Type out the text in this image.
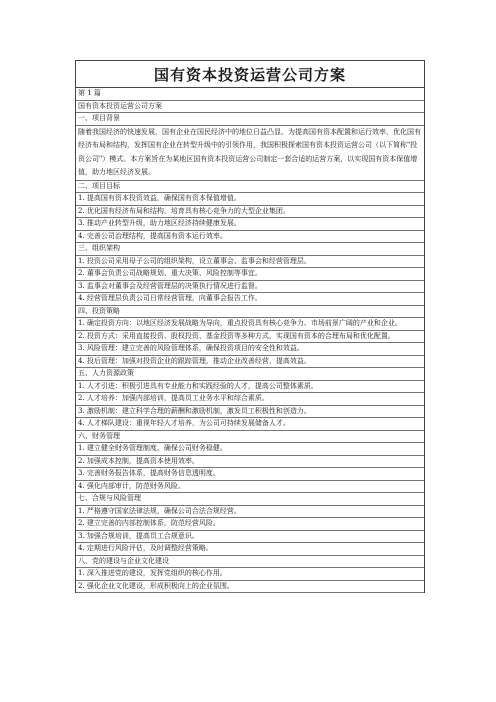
国有资本投资运营公司方案
第 1 篇
国有资本投资运营公司方案
一、项目背景
随着我国经济的快速发展，国有企业在国民经济中的地位日益凸显。为提高国有资本配置和运行效率，优化国有经济布局和结构，发挥国有企业在转型升级中的引领作用，我国积极探索国有资本投资运营公司（以下简称"投资公司"）模式。本方案旨在为某地区国有资本投资运营公司制定一套合适的运营方案，以实现国有资本保值增值，助力地区经济发展。
二、项目目标
1. 提高国有资本投资效益，确保国有资本保值增值。
2. 优化国有经济布局和结构，培育具有核心竞争力的大型企业集团。
3. 推动产业转型升级，助力地区经济持续健康发展。
4. 完善公司治理结构，提高国有资本运行效率。
三、组织架构
1. 投资公司采用母子公司的组织架构，设立董事会、监事会和经营管理层。
2. 董事会负责公司战略规划、重大决策、风险控制等事宜。
3. 监事会对董事会及经营管理层的决策执行情况进行监督。
4. 经营管理层负责公司日常经营管理，向董事会报告工作。
四、投资策略
1. 确定投资方向：以地区经济发展战略为导向，重点投资具有核心竞争力、市场前景广阔的产业和企业。
2. 投资方式：采用直接投资、股权投资、基金投资等多种方式，实现国有资本的合理布局和优化配置。
3. 风险管理：建立完善的风险管理体系，确保投资项目的安全性和效益。
4. 投后管理：加强对投资企业的跟踪管理，推动企业改善经营、提高效益。
五、人力资源政策
1. 人才引进：积极引进具有专业能力和实践经验的人才，提高公司整体素质。
2. 人才培养：加强内部培训，提高员工业务水平和综合素质。
3. 激励机制：建立科学合理的薪酬和激励机制，激发员工积极性和创造力。
4. 人才梯队建设：重视年轻人才培养，为公司可持续发展储备人才。
六、财务管理
1. 建立健全财务管理制度，确保公司财务稳健。
2. 加强成本控制，提高资本使用效率。
3. 完善财务报告体系，提高财务信息透明度。
4. 强化内部审计，防范财务风险。
七、合规与风险管理
1. 严格遵守国家法律法规，确保公司合法合规经营。
2. 建立完善的内部控制体系，防范经营风险。
3. 加强合规培训，提高员工合规意识。
4. 定期进行风险评估，及时调整经营策略。
八、党的建设与企业文化建设
1. 深入推进党的建设，发挥党组织的核心作用。
2. 强化企业文化建设，形成积极向上的企业氛围。
